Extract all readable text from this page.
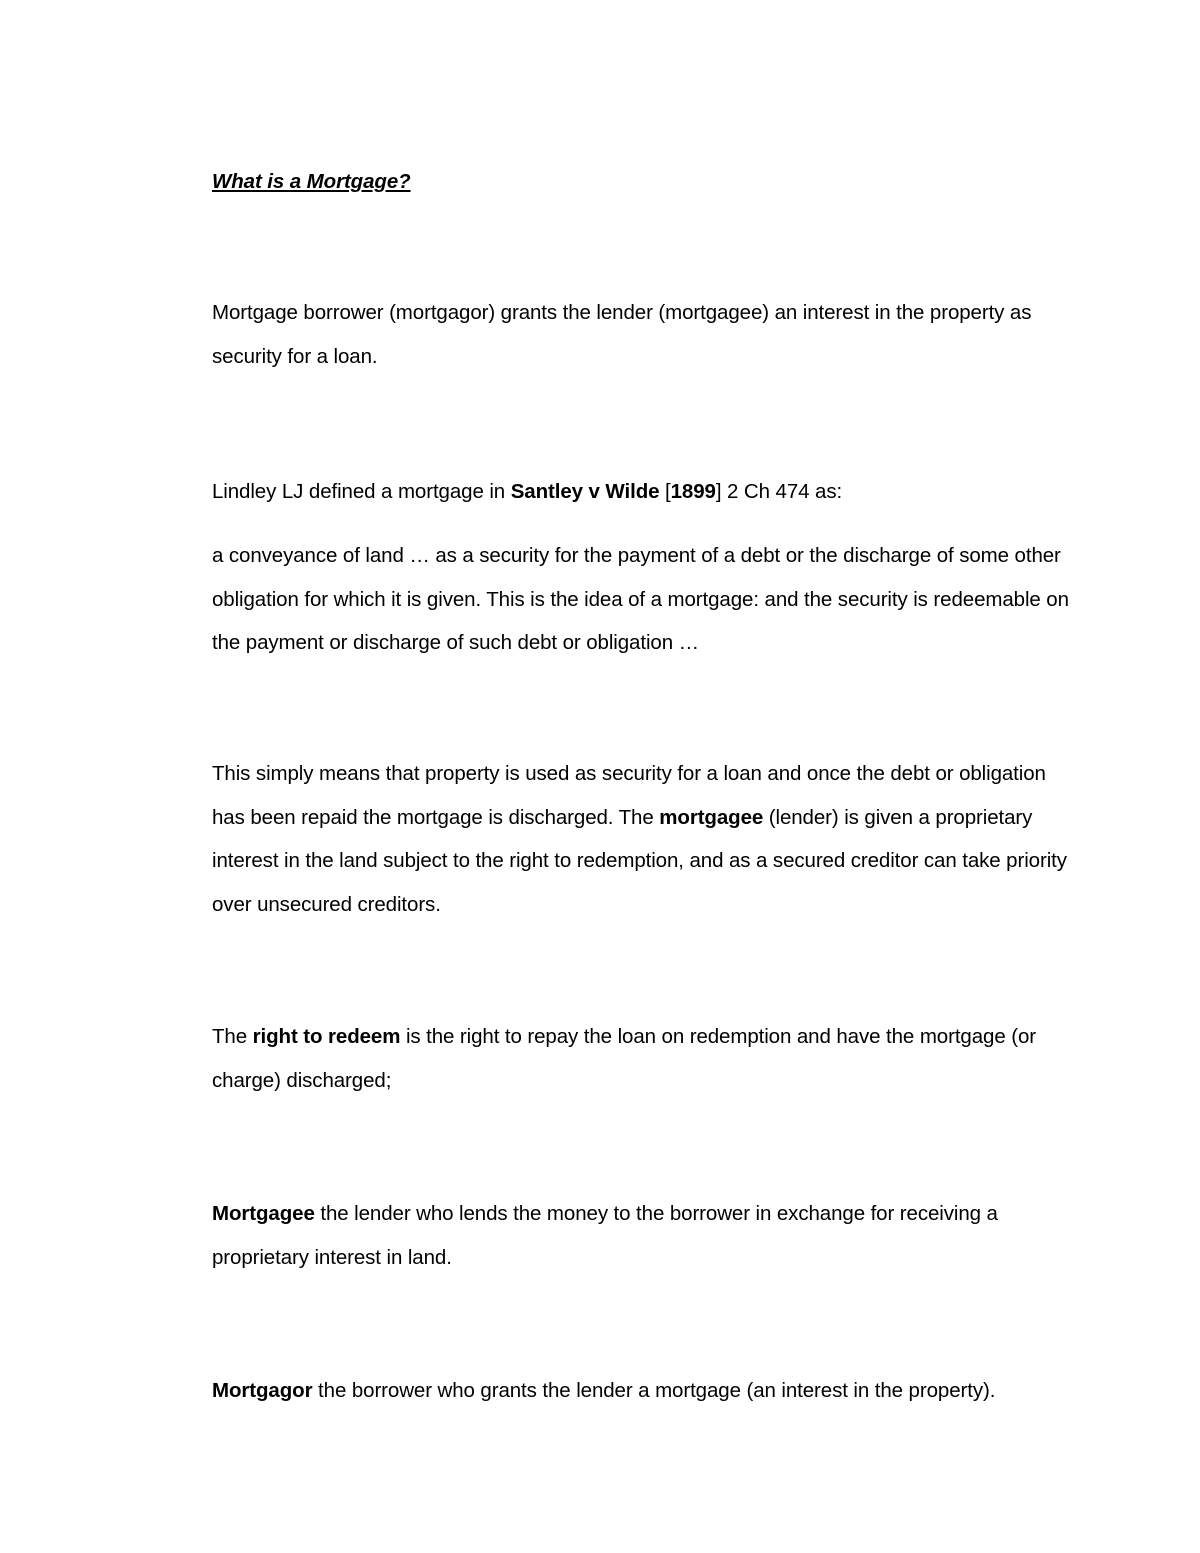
What is a Mortgage?

Mortgage borrower (mortgagor) grants the lender (mortgagee) an interest in the property as security for a loan.

Lindley LJ defined a mortgage in Santley v Wilde [1899] 2 Ch 474 as:

a conveyance of land … as a security for the payment of a debt or the discharge of some other obligation for which it is given. This is the idea of a mortgage: and the security is redeemable on the payment or discharge of such debt or obligation …

This simply means that property is used as security for a loan and once the debt or obligation has been repaid the mortgage is discharged. The mortgagee (lender) is given a proprietary interest in the land subject to the right to redemption, and as a secured creditor can take priority over unsecured creditors.

The right to redeem is the right to repay the loan on redemption and have the mortgage (or charge) discharged;

Mortgagee the lender who lends the money to the borrower in exchange for receiving a proprietary interest in land.

Mortgagor the borrower who grants the lender a mortgage (an interest in the property).
